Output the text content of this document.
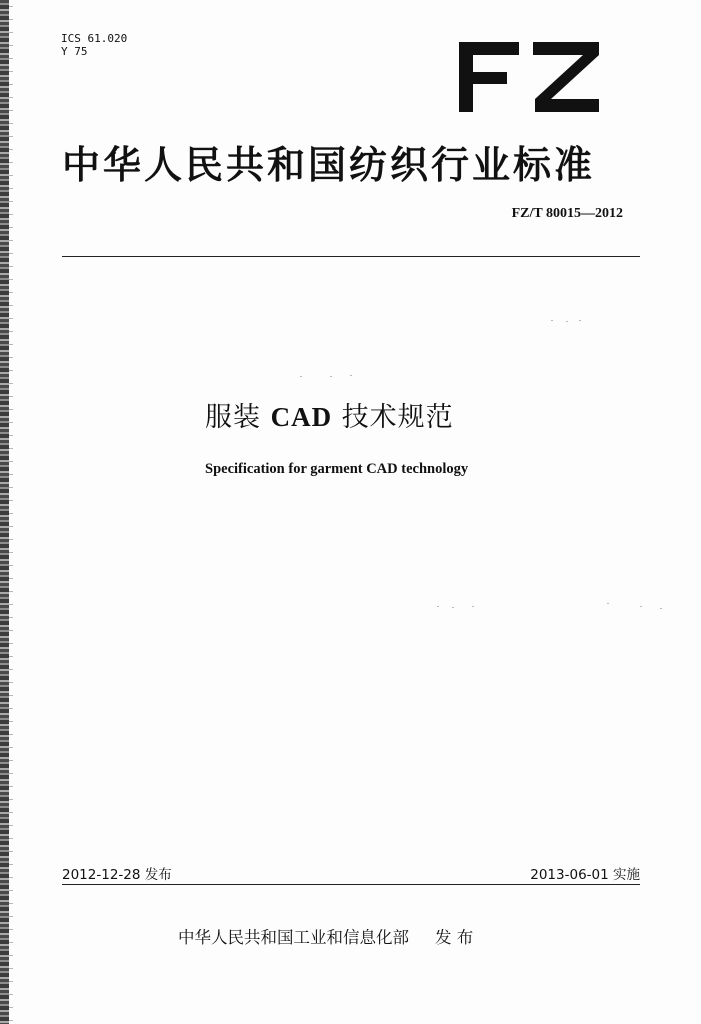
ICS 61.020
Y 75
中华人民共和国纺织行业标准
FZ/T 80015—2012
服装 CAD 技术规范
Specification for garment CAD technology
2012-12-28 发布	2013-06-01 实施
中华人民共和国工业和信息化部 发 布
